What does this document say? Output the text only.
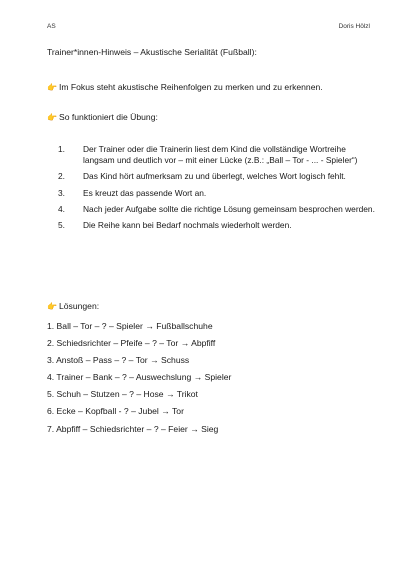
AS	Doris Hölzl
Trainer*innen-Hinweis – Akustische Serialität (Fußball):
👉 Im Fokus steht akustische Reihenfolgen zu merken und zu erkennen.
👉 So funktioniert die Übung:
1. Der Trainer oder die Trainerin liest dem Kind die vollständige Wortreihe langsam und deutlich vor – mit einer Lücke (z.B.: „Ball – Tor - ... - Spieler“)
2. Das Kind hört aufmerksam zu und überlegt, welches Wort logisch fehlt.
3. Es kreuzt das passende Wort an.
4. Nach jeder Aufgabe sollte die richtige Lösung gemeinsam besprochen werden.
5. Die Reihe kann bei Bedarf nochmals wiederholt werden.
👉 Lösungen:
1. Ball – Tor – ? – Spieler → Fußballschuhe
2. Schiedsrichter – Pfeife – ? – Tor → Abpfiff
3. Anstoß – Pass – ? – Tor → Schuss
4. Trainer – Bank – ? – Auswechslung → Spieler
5. Schuh – Stutzen – ? – Hose → Trikot
6. Ecke – Kopfball - ? – Jubel → Tor
7. Abpfiff – Schiedsrichter – ? – Feier → Sieg
